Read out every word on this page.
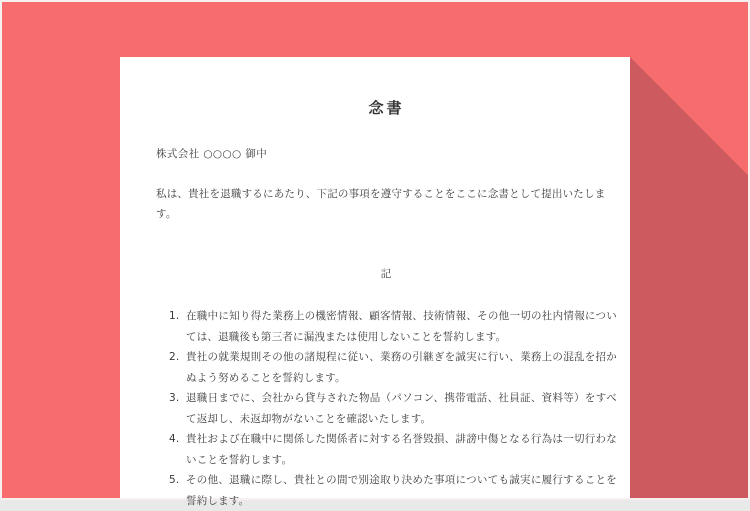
念書

株式会社 ○○○○ 御中

私は、貴社を退職するにあたり、下記の事項を遵守することをここに念書として提出いたします。

記

1. 在職中に知り得た業務上の機密情報、顧客情報、技術情報、その他一切の社内情報については、退職後も第三者に漏洩または使用しないことを誓約します。
2. 貴社の就業規則その他の諸規程に従い、業務の引継ぎを誠実に行い、業務上の混乱を招かぬよう努めることを誓約します。
3. 退職日までに、会社から貸与された物品（パソコン、携帯電話、社員証、資料等）をすべて返却し、未返却物がないことを確認いたします。
4. 貴社および在職中に関係した関係者に対する名誉毀損、誹謗中傷となる行為は一切行わないことを誓約します。
5. その他、退職に際し、貴社との間で別途取り決めた事項についても誠実に履行することを誓約します。
